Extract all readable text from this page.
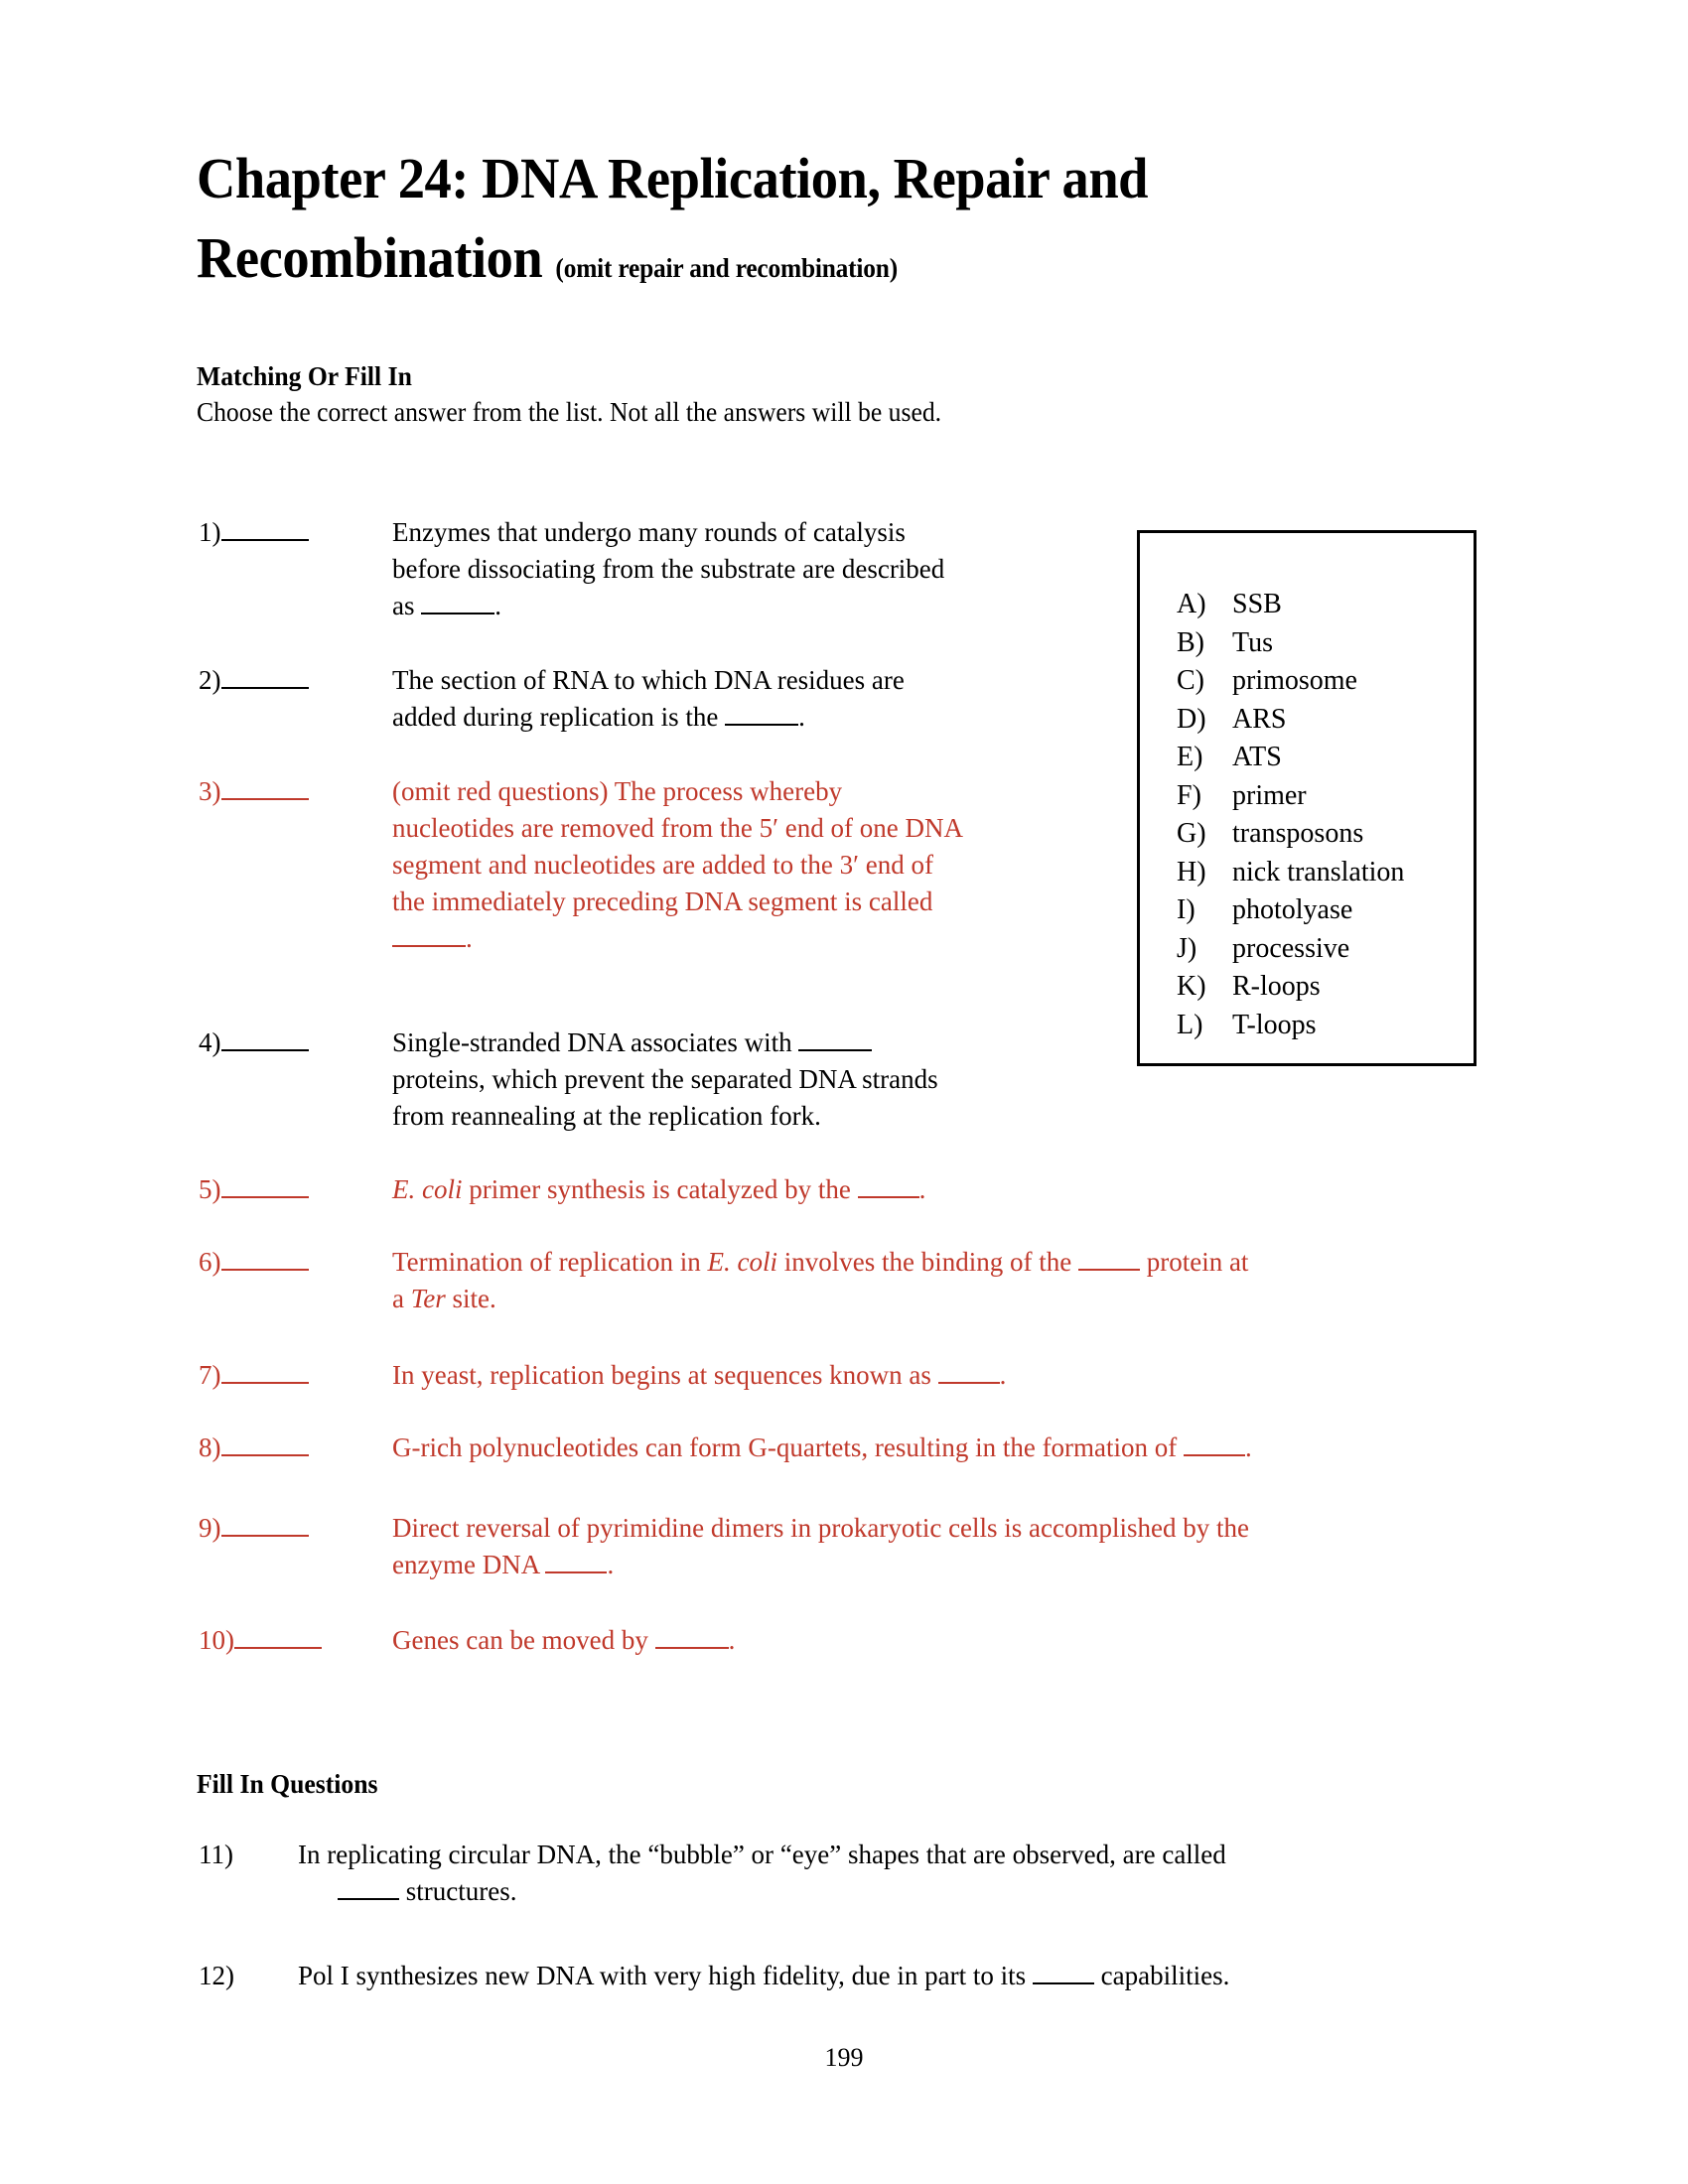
Chapter 24: DNA Replication, Repair and
Recombination (omit repair and recombination)
Matching Or Fill In
Choose the correct answer from the list. Not all the answers will be used.
A) SSB
B) Tus
C) primosome
D) ARS
E) ATS
F) primer
G) transposons
H) nick translation
I) photolyase
J) processive
K) R-loops
L) T-loops
1)	Enzymes that undergo many rounds of catalysis
before dissociating from the substrate are described
as	.
2)	The section of RNA to which DNA residues are
added during replication is the	.
3)	(omit red questions) The process whereby
nucleotides are removed from the 5′ end of one DNA
segment and nucleotides are added to the 3′ end of
the immediately preceding DNA segment is called
.
4)	Single-stranded DNA associates with
proteins, which prevent the separated DNA strands
from reannealing at the replication fork.
5)	E. coli primer synthesis is catalyzed by the .
6)	Termination of replication in E. coli involves the binding of the  protein at
a Ter site.
7)	In yeast, replication begins at sequences known as .
8)	G-rich polynucleotides can form G-quartets, resulting in the formation of .
9)	Direct reversal of pyrimidine dimers in prokaryotic cells is accomplished by the
enzyme DNA .
10)	Genes can be moved by	.
Fill In Questions
11)	In replicating circular DNA, the “bubble” or “eye” shapes that are observed, are called
structures.
12)	Pol I synthesizes new DNA with very high fidelity, due in part to its  capabilities.
199
